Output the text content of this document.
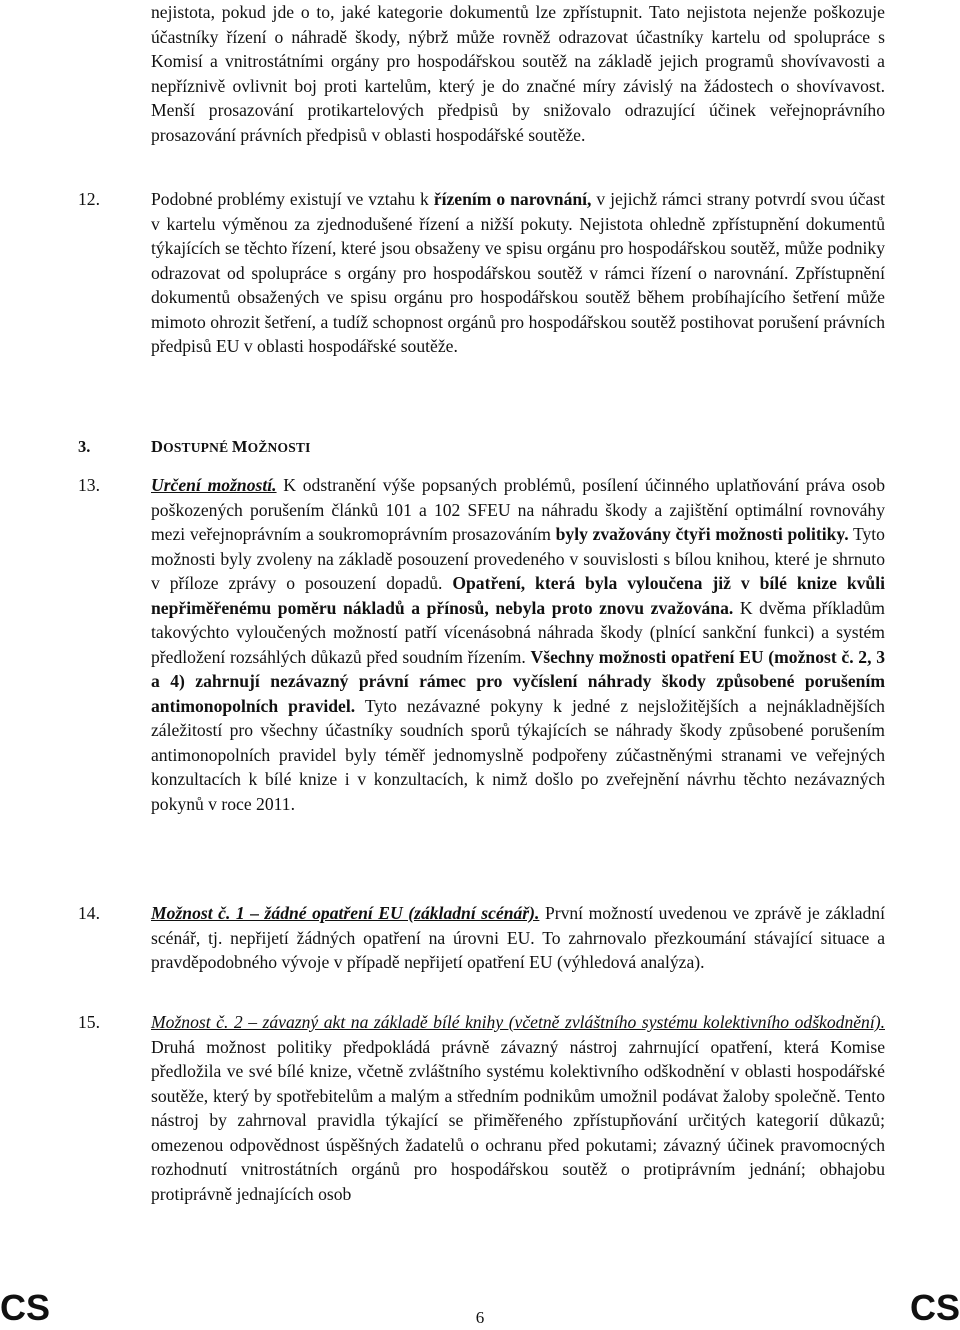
nejistota, pokud jde o to, jaké kategorie dokumentů lze zpřístupnit. Tato nejistota nejenže poškozuje účastníky řízení o náhradě škody, nýbrž může rovněž odrazovat účastníky kartelu od spolupráce s Komisí a vnitrostátními orgány pro hospodářskou soutěž na základě jejich programů shovívavosti a nepříznivě ovlivnit boj proti kartelům, který je do značné míry závislý na žádostech o shovívavost. Menší prosazování protikartelových předpisů by snižovalo odrazující účinek veřejnoprávního prosazování právních předpisů v oblasti hospodářské soutěže.

12.	Podobné problémy existují ve vztahu k řízením o narovnání, v jejichž rámci strany potvrdí svou účast v kartelu výměnou za zjednodušené řízení a nižší pokuty. Nejistota ohledně zpřístupnění dokumentů týkajících se těchto řízení, které jsou obsaženy ve spisu orgánu pro hospodářskou soutěž, může podniky odrazovat od spolupráce s orgány pro hospodářskou soutěž v rámci řízení o narovnání. Zpřístupnění dokumentů obsažených ve spisu orgánu pro hospodářskou soutěž během probíhajícího šetření může mimoto ohrozit šetření, a tudíž schopnost orgánů pro hospodářskou soutěž postihovat porušení právních předpisů EU v oblasti hospodářské soutěže.

3.	DOSTUPNÉ MOŽNOSTI
13.	Určení možností. K odstranění výše popsaných problémů, posílení účinného uplatňování práva osob poškozených porušením článků 101 a 102 SFEU na náhradu škody a zajištění optimální rovnováhy mezi veřejnoprávním a soukromoprávním prosazováním byly zvažovány čtyři možnosti politiky. Tyto možnosti byly zvoleny na základě posouzení provedeného v souvislosti s bílou knihou, které je shrnuto v příloze zprávy o posouzení dopadů. Opatření, která byla vyloučena již v bílé knize kvůli nepřiměřenému poměru nákladů a přínosů, nebyla proto znovu zvažována. K dvěma příkladům takovýchto vyloučených možností patří vícenásobná náhrada škody (plnící sankční funkci) a systém předložení rozsáhlých důkazů před soudním řízením. Všechny možnosti opatření EU (možnost č. 2, 3 a 4) zahrnují nezávazný právní rámec pro vyčíslení náhrady škody způsobené porušením antimonopolních pravidel. Tyto nezávazné pokyny k jedné z nejsložitějších a nejnákladnějších záležitostí pro všechny účastníky soudních sporů týkajících se náhrady škody způsobené porušením antimonopolních pravidel byly téměř jednomyslně podpořeny zúčastněnými stranami ve veřejných konzultacích k bílé knize i v konzultacích, k nimž došlo po zveřejnění návrhu těchto nezávazných pokynů v roce 2011.

14.	Možnost č. 1 – žádné opatření EU (základní scénář). První možností uvedenou ve zprávě je základní scénář, tj. nepřijetí žádných opatření na úrovni EU. To zahrnovalo přezkoumání stávající situace a pravděpodobného vývoje v případě nepřijetí opatření EU (výhledová analýza).

15.	Možnost č. 2 – závazný akt na základě bílé knihy (včetně zvláštního systému kolektivního odškodnění). Druhá možnost politiky předpokládá právně závazný nástroj zahrnující opatření, která Komise předložila ve své bílé knize, včetně zvláštního systému kolektivního odškodnění v oblasti hospodářské soutěže, který by spotřebitelům a malým a středním podnikům umožnil podávat žaloby společně. Tento nástroj by zahrnoval pravidla týkající se přiměřeného zpřístupňování určitých kategorií důkazů; omezenou odpovědnost úspěšných žadatelů o ochranu před pokutami; závazný účinek pravomocných rozhodnutí vnitrostátních orgánů pro hospodářskou soutěž o protiprávním jednání; obhajobu protiprávně jednajících osob

CS	6	CS
